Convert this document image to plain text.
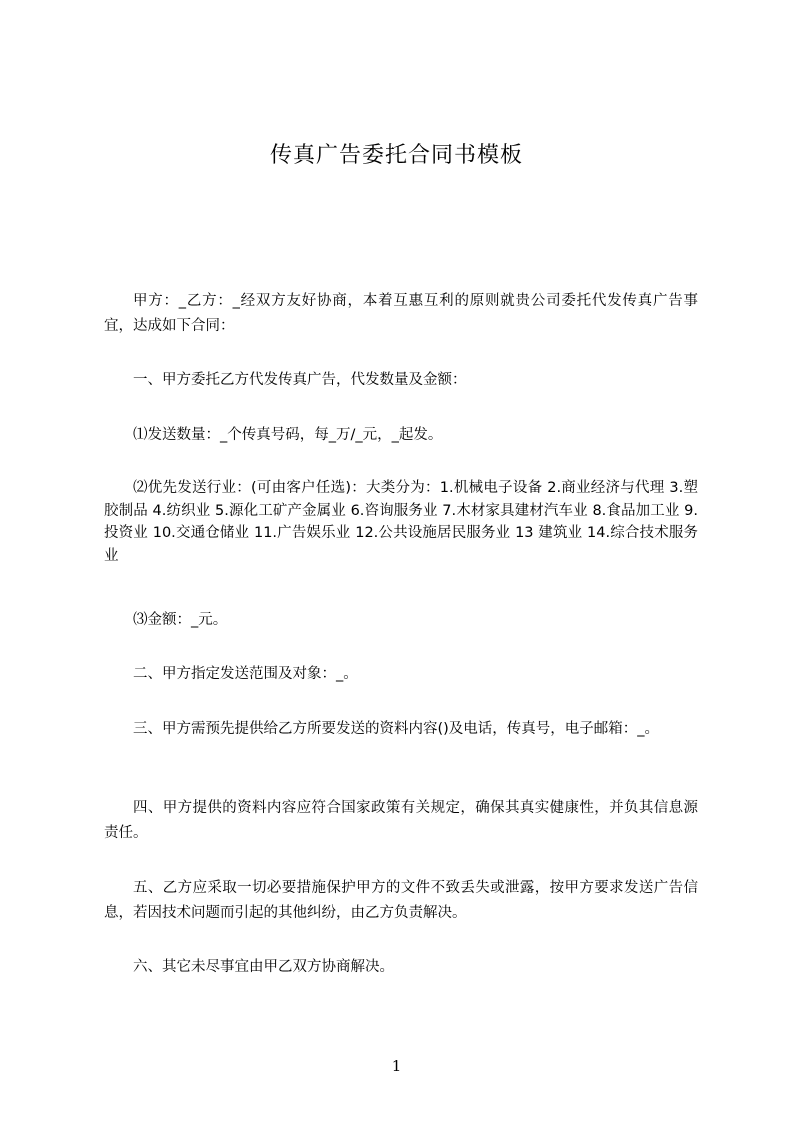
传真广告委托合同书模板
甲方：_乙方：_经双方友好协商，本着互惠互利的原则就贵公司委托代发传真广告事宜，达成如下合同：
一、甲方委托乙方代发传真广告，代发数量及金额：
⑴发送数量：_个传真号码，每_万/_元，_起发。
⑵优先发送行业：(可由客户任选)：大类分为：1.机械电子设备 2.商业经济与代理 3.塑胶制品 4.纺织业 5.源化工矿产金属业 6.咨询服务业 7.木材家具建材汽车业 8.食品加工业 9.投资业 10.交通仓储业 11.广告娱乐业 12.公共设施居民服务业 13 建筑业 14.综合技术服务业
⑶金额：_元。
二、甲方指定发送范围及对象：_。
三、甲方需预先提供给乙方所要发送的资料内容()及电话，传真号，电子邮箱：_。
四、甲方提供的资料内容应符合国家政策有关规定，确保其真实健康性，并负其信息源责任。
五、乙方应采取一切必要措施保护甲方的文件不致丢失或泄露，按甲方要求发送广告信息，若因技术问题而引起的其他纠纷，由乙方负责解决。
六、其它未尽事宜由甲乙双方协商解决。
1
